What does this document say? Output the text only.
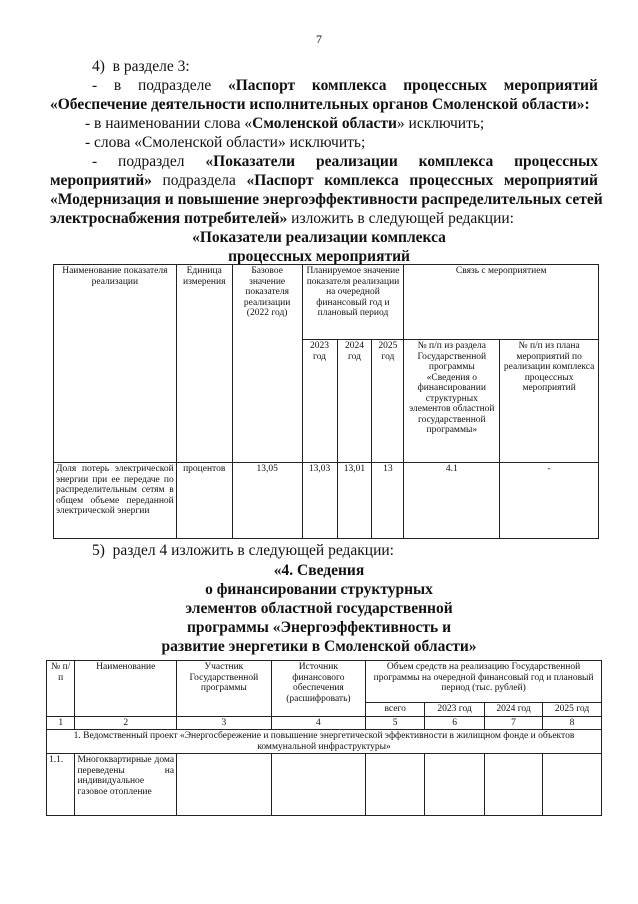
7
4) в разделе 3:
- в подразделе «Паспорт комплекса процессных мероприятий
«Обеспечение деятельности исполнительных органов Смоленской области»:
- в наименовании слова «Смоленской области» исключить;
- слова «Смоленской области» исключить;
- подраздел «Показатели реализации комплекса процессных
мероприятий» подраздела «Паспорт комплекса процессных мероприятий
«Модернизация и повышение энергоэффективности распределительных сетей
электроснабжения потребителей» изложить в следующей редакции:
«Показатели реализации комплекса
процессных мероприятий
Наименование показателя реализации	Единица измерения	Базовое значение показателя реализации (2022 год)	Планируемое значение показателя реализации на очередной финансовый год и плановый период			Связь с мероприятием	
			2023 год	2024 год	2025 год	№ п/п из раздела Государственной программы «Сведения о финансировании структурных элементов областной государственной программы»	№ п/п из плана мероприятий по реализации комплекса процессных мероприятий
Доля потерь электрической энергии при ее передаче по распределительным сетям в общем объеме переданной электрической энергии	процентов	13,05	13,03	13,01	13	4.1	-
5) раздел 4 изложить в следующей редакции:
«4. Сведения
о финансировании структурных
элементов областной государственной
программы «Энергоэффективность и
развитие энергетики в Смоленской области»
№ п/п	Наименование	Участник Государственной программы	Источник финансового обеспечения (расшифровать)	Объем средств на реализацию Государственной программы на очередной финансовый год и плановый период (тыс. рублей)			
				всего	2023 год	2024 год	2025 год
1	2	3	4	5	6	7	8
1. Ведомственный проект «Энергосбережение и повышение энергетической эффективности в жилищном фонде и объектов коммунальной инфраструктуры»							
1.1.	Многоквартирные дома переведены на индивидуальное газовое отопление						
